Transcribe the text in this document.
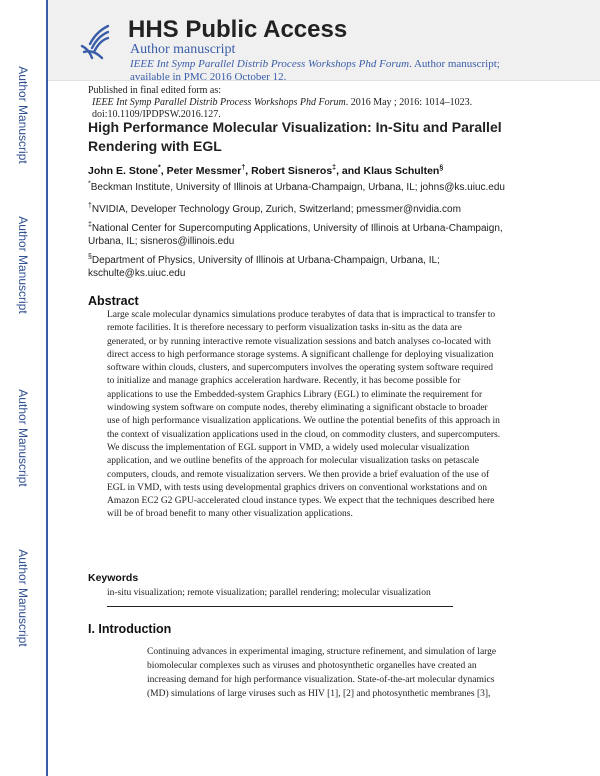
Author Manuscript
Author Manuscript
Author Manuscript
Author Manuscript
HHS Public Access
Author manuscript
IEEE Int Symp Parallel Distrib Process Workshops Phd Forum. Author manuscript; available in PMC 2016 October 12.
Published in final edited form as:
IEEE Int Symp Parallel Distrib Process Workshops Phd Forum. 2016 May ; 2016: 1014–1023. doi:10.1109/IPDPSW.2016.127.
High Performance Molecular Visualization: In-Situ and Parallel Rendering with EGL
John E. Stone*, Peter Messmer†, Robert Sisneros‡, and Klaus Schulten§
*Beckman Institute, University of Illinois at Urbana-Champaign, Urbana, IL; johns@ks.uiuc.edu
†NVIDIA, Developer Technology Group, Zurich, Switzerland; pmessmer@nvidia.com
‡National Center for Supercomputing Applications, University of Illinois at Urbana-Champaign, Urbana, IL; sisneros@illinois.edu
§Department of Physics, University of Illinois at Urbana-Champaign, Urbana, IL; kschulte@ks.uiuc.edu
Abstract
Large scale molecular dynamics simulations produce terabytes of data that is impractical to transfer to remote facilities. It is therefore necessary to perform visualization tasks in-situ as the data are generated, or by running interactive remote visualization sessions and batch analyses co-located with direct access to high performance storage systems. A significant challenge for deploying visualization software within clouds, clusters, and supercomputers involves the operating system software required to initialize and manage graphics acceleration hardware. Recently, it has become possible for applications to use the Embedded-system Graphics Library (EGL) to eliminate the requirement for windowing system software on compute nodes, thereby eliminating a significant obstacle to broader use of high performance visualization applications. We outline the potential benefits of this approach in the context of visualization applications used in the cloud, on commodity clusters, and supercomputers. We discuss the implementation of EGL support in VMD, a widely used molecular visualization application, and we outline benefits of the approach for molecular visualization tasks on petascale computers, clouds, and remote visualization servers. We then provide a brief evaluation of the use of EGL in VMD, with tests using developmental graphics drivers on conventional workstations and on Amazon EC2 G2 GPU-accelerated cloud instance types. We expect that the techniques described here will be of broad benefit to many other visualization applications.
Keywords
in-situ visualization; remote visualization; parallel rendering; molecular visualization
I. Introduction
Continuing advances in experimental imaging, structure refinement, and simulation of large biomolecular complexes such as viruses and photosynthetic organelles have created an increasing demand for high performance visualization. State-of-the-art molecular dynamics (MD) simulations of large viruses such as HIV [1], [2] and photosynthetic membranes [3],
